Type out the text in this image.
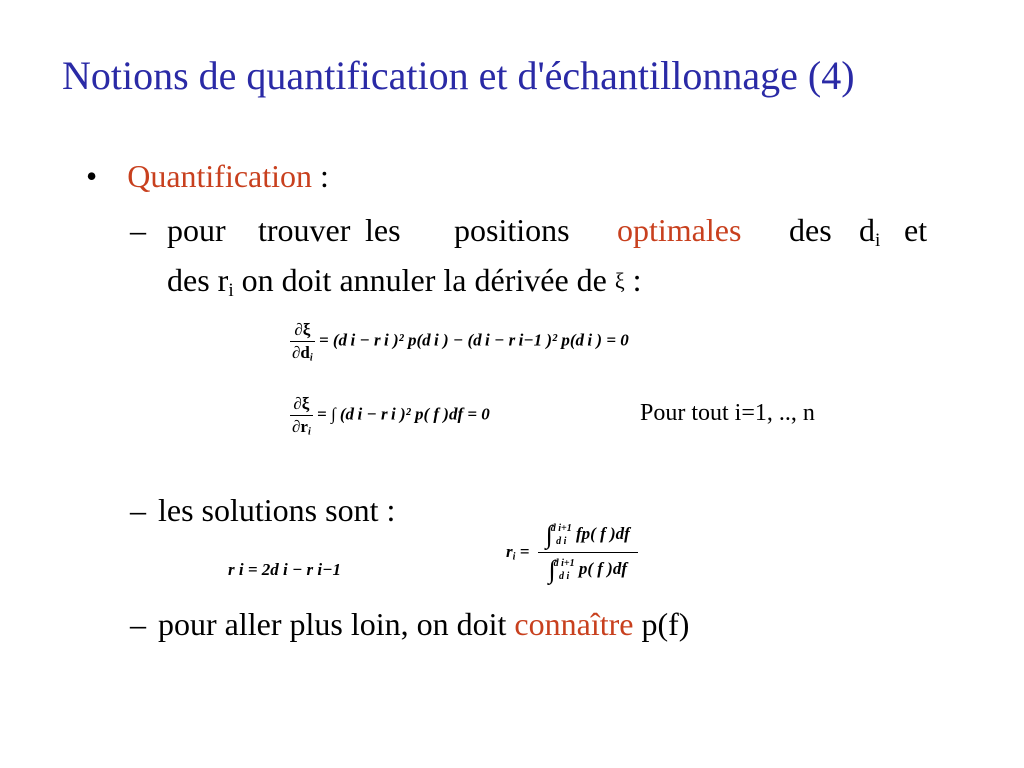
Notions de quantification et d'échantillonnage (4)
• Quantification :
– pour trouver les positions optimales des $d_i$ et
des $r_i$ on doit annuler la dérivée de ξ :
$\frac{\partial\xi}{\partial d_i} = (d$ i − r i )² p(d i ) − (d i − r i−1 )² p(d i ) = 0
$\frac{\partial\xi}{\partial r_i}$ = ∫ (d i − r i )² p( f )df = 0	Pour tout i=1, .., n
– les solutions sont :
r i = 2d i − r i−1
$r_i$ = ∫
d i+1
d i fp( f )df
∫
d i+1
d i p( f )df
– pour aller plus loin, on doit connaître p(f)
